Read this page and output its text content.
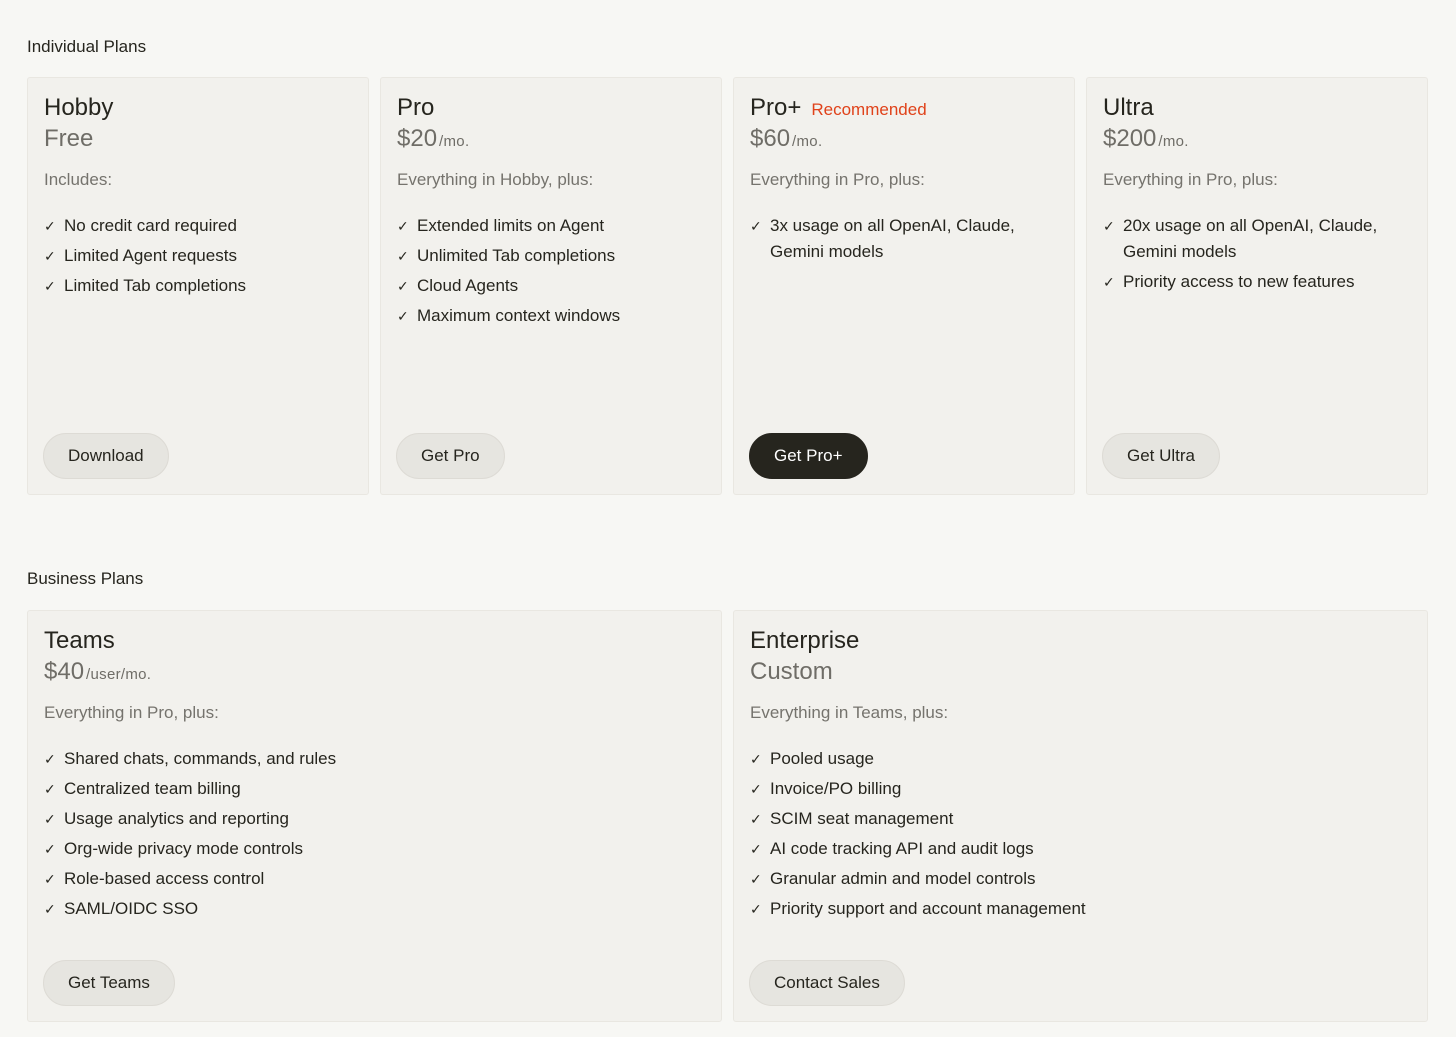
Individual Plans
Hobby
Free
Includes:
✓ No credit card required
✓ Limited Agent requests
✓ Limited Tab completions
Download
Pro
$20 /mo.
Everything in Hobby, plus:
✓ Extended limits on Agent
✓ Unlimited Tab completions
✓ Cloud Agents
✓ Maximum context windows
Get Pro
Pro+ Recommended
$60 /mo.
Everything in Pro, plus:
✓ 3x usage on all OpenAI, Claude, Gemini models
Get Pro+
Ultra
$200 /mo.
Everything in Pro, plus:
✓ 20x usage on all OpenAI, Claude, Gemini models
✓ Priority access to new features
Get Ultra
Business Plans
Teams
$40 /user/mo.
Everything in Pro, plus:
✓ Shared chats, commands, and rules
✓ Centralized team billing
✓ Usage analytics and reporting
✓ Org-wide privacy mode controls
✓ Role-based access control
✓ SAML/OIDC SSO
Get Teams
Enterprise
Custom
Everything in Teams, plus:
✓ Pooled usage
✓ Invoice/PO billing
✓ SCIM seat management
✓ AI code tracking API and audit logs
✓ Granular admin and model controls
✓ Priority support and account management
Contact Sales
